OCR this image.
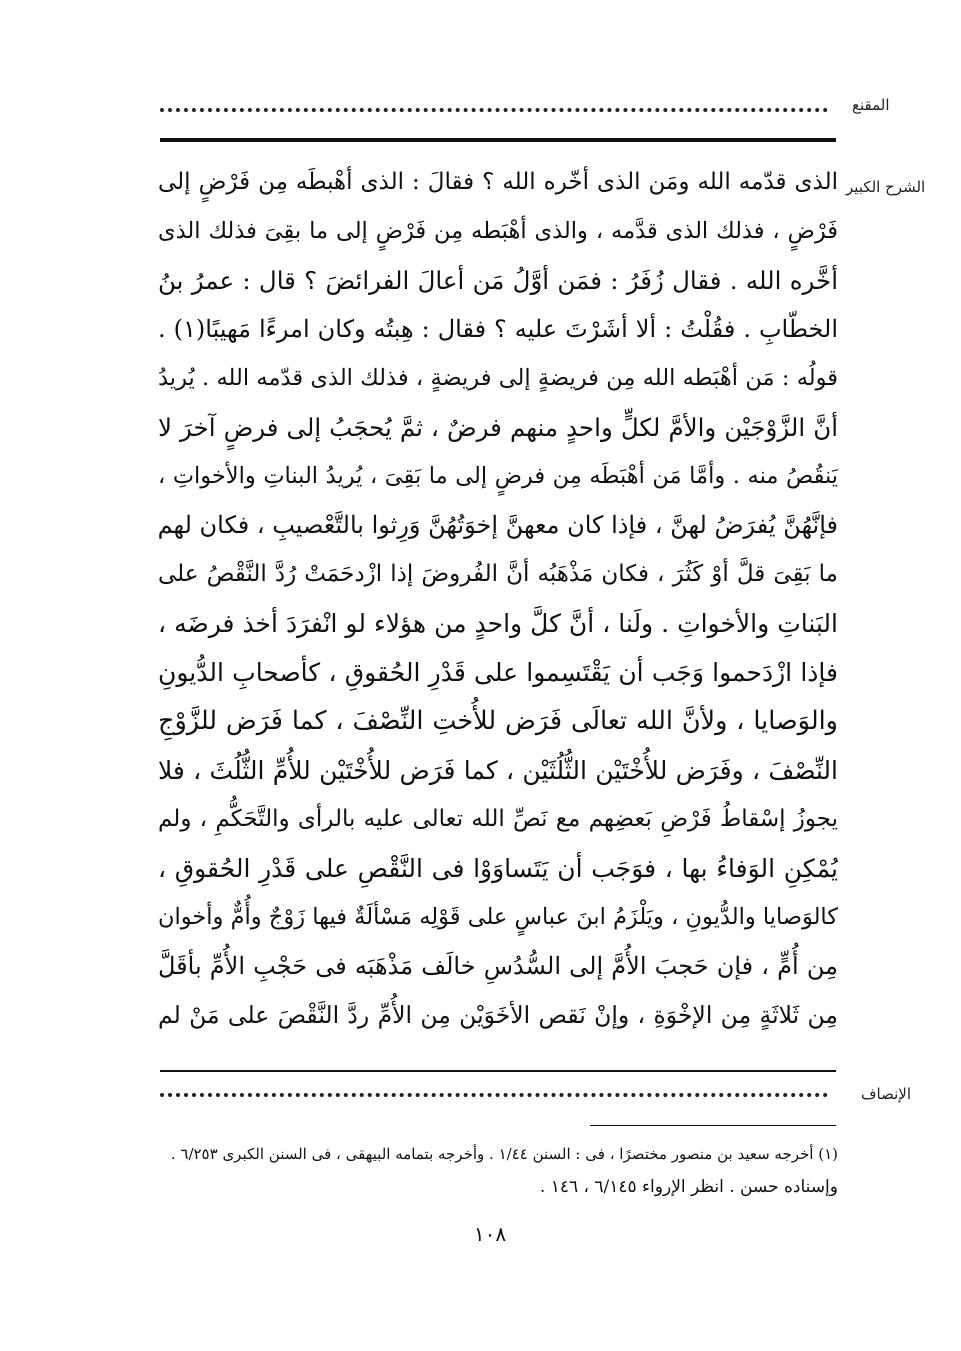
المقنع
الشرح الكبير
الذى قدّمه الله ومَن الذى أخّره الله ؟ فقالَ : الذى أهْبطَه مِن فَرْضٍ إلى
فَرْضٍ ، فذلك الذى قدَّمه ، والذى أهْبَطه مِن فَرْضٍ إلى ما بقِىَ فذلك الذى
أخَّره الله . فقال زُفَرُ : فمَن أوَّلُ مَن أعالَ الفرائضَ ؟ قال : عمرُ بنُ
الخطّابِ . فقُلْتُ : ألا أشَرْتَ عليه ؟ فقال : هِبتُه وكان امرءًا مَهيبًا(١) .
قولُه : مَن أهْبَطه الله مِن فريضةٍ إلى فريضةٍ ، فذلك الذى قدّمه الله . يُريدُ
أنَّ الزَّوْجَيْن والأمَّ لكلٍّ واحدٍ منهم فرضٌ ، ثمَّ يُحجَبُ إلى فرضٍ آخرَ لا
يَنقُصُ منه . وأمَّا مَن أهْبَطَه مِن فرضٍ إلى ما بَقِىَ ، يُريدُ البناتِ والأخواتِ ،
فإنَّهُنَّ يُفرَضُ لهنَّ ، فإذا كان معهنَّ إخوَتُهُنَّ وَرِثوا بالتَّعْصيبِ ، فكان لهم
ما بَقِىَ قلَّ أوْ كَثُرَ ، فكان مَذْهَبُه أنَّ الفُروضَ إذا ازْدحَمَتْ رُدَّ النَّقْصُ على
البَناتِ والأخواتِ . ولَنا ، أنَّ كلَّ واحدٍ من هؤلاء لو انْفرَدَ أخذ فرضَه ،
فإذا ازْدَحموا وَجَب أن يَقْتَسِموا على قَدْرِ الحُقوقِ ، كأصحابِ الدُّيونِ
والوَصايا ، ولأنَّ الله تعالَى فَرَض للأُختِ النِّصْفَ ، كما فَرَض للزَّوْجِ
النِّصْفَ ، وفَرَض للأُخْتَيْن الثُّلُثَيْن ، كما فَرَض للأُخْتَيْن للأُمِّ الثُّلُثَ ، فلا
يجوزُ إسْقاطُ فَرْضِ بَعضِهم مع نَصِّ الله تعالى عليه بالرأى والتَّحَكُّمِ ، ولم
يُمْكِنِ الوَفاءُ بها ، فوَجَب أن يَتَساوَوْا فى النَّقْصِ على قَدْرِ الحُقوقِ ،
كالوَصايا والدُّيونِ ، ويَلْزَمُ ابنَ عباسٍ على قَوْلِه مَسْألَةٌ فيها زَوْجٌ وأُمٌّ وأخوان
مِن أُمٍّ ، فإن حَجبَ الأُمَّ إلى السُّدُسِ خالَف مَذْهَبَه فى حَجْبِ الأُمِّ بأقَلَّ
مِن ثَلاثَةٍ مِن الإخْوَةِ ، وإنْ نَقص الأخَوَيْن مِن الأُمِّ ردَّ النَّقْصَ على مَنْ لم
الإنصاف
(١) أخرجه سعيد بن منصور مختصرًا ، فى : السنن ١/٤٤ . وأخرجه بتمامه البيهقى ، فى السنن الكبرى ٦/٢٥٣ .
وإسناده حسن . انظر الإرواء ٦/١٤٥ ، ١٤٦ .
١٠٨
